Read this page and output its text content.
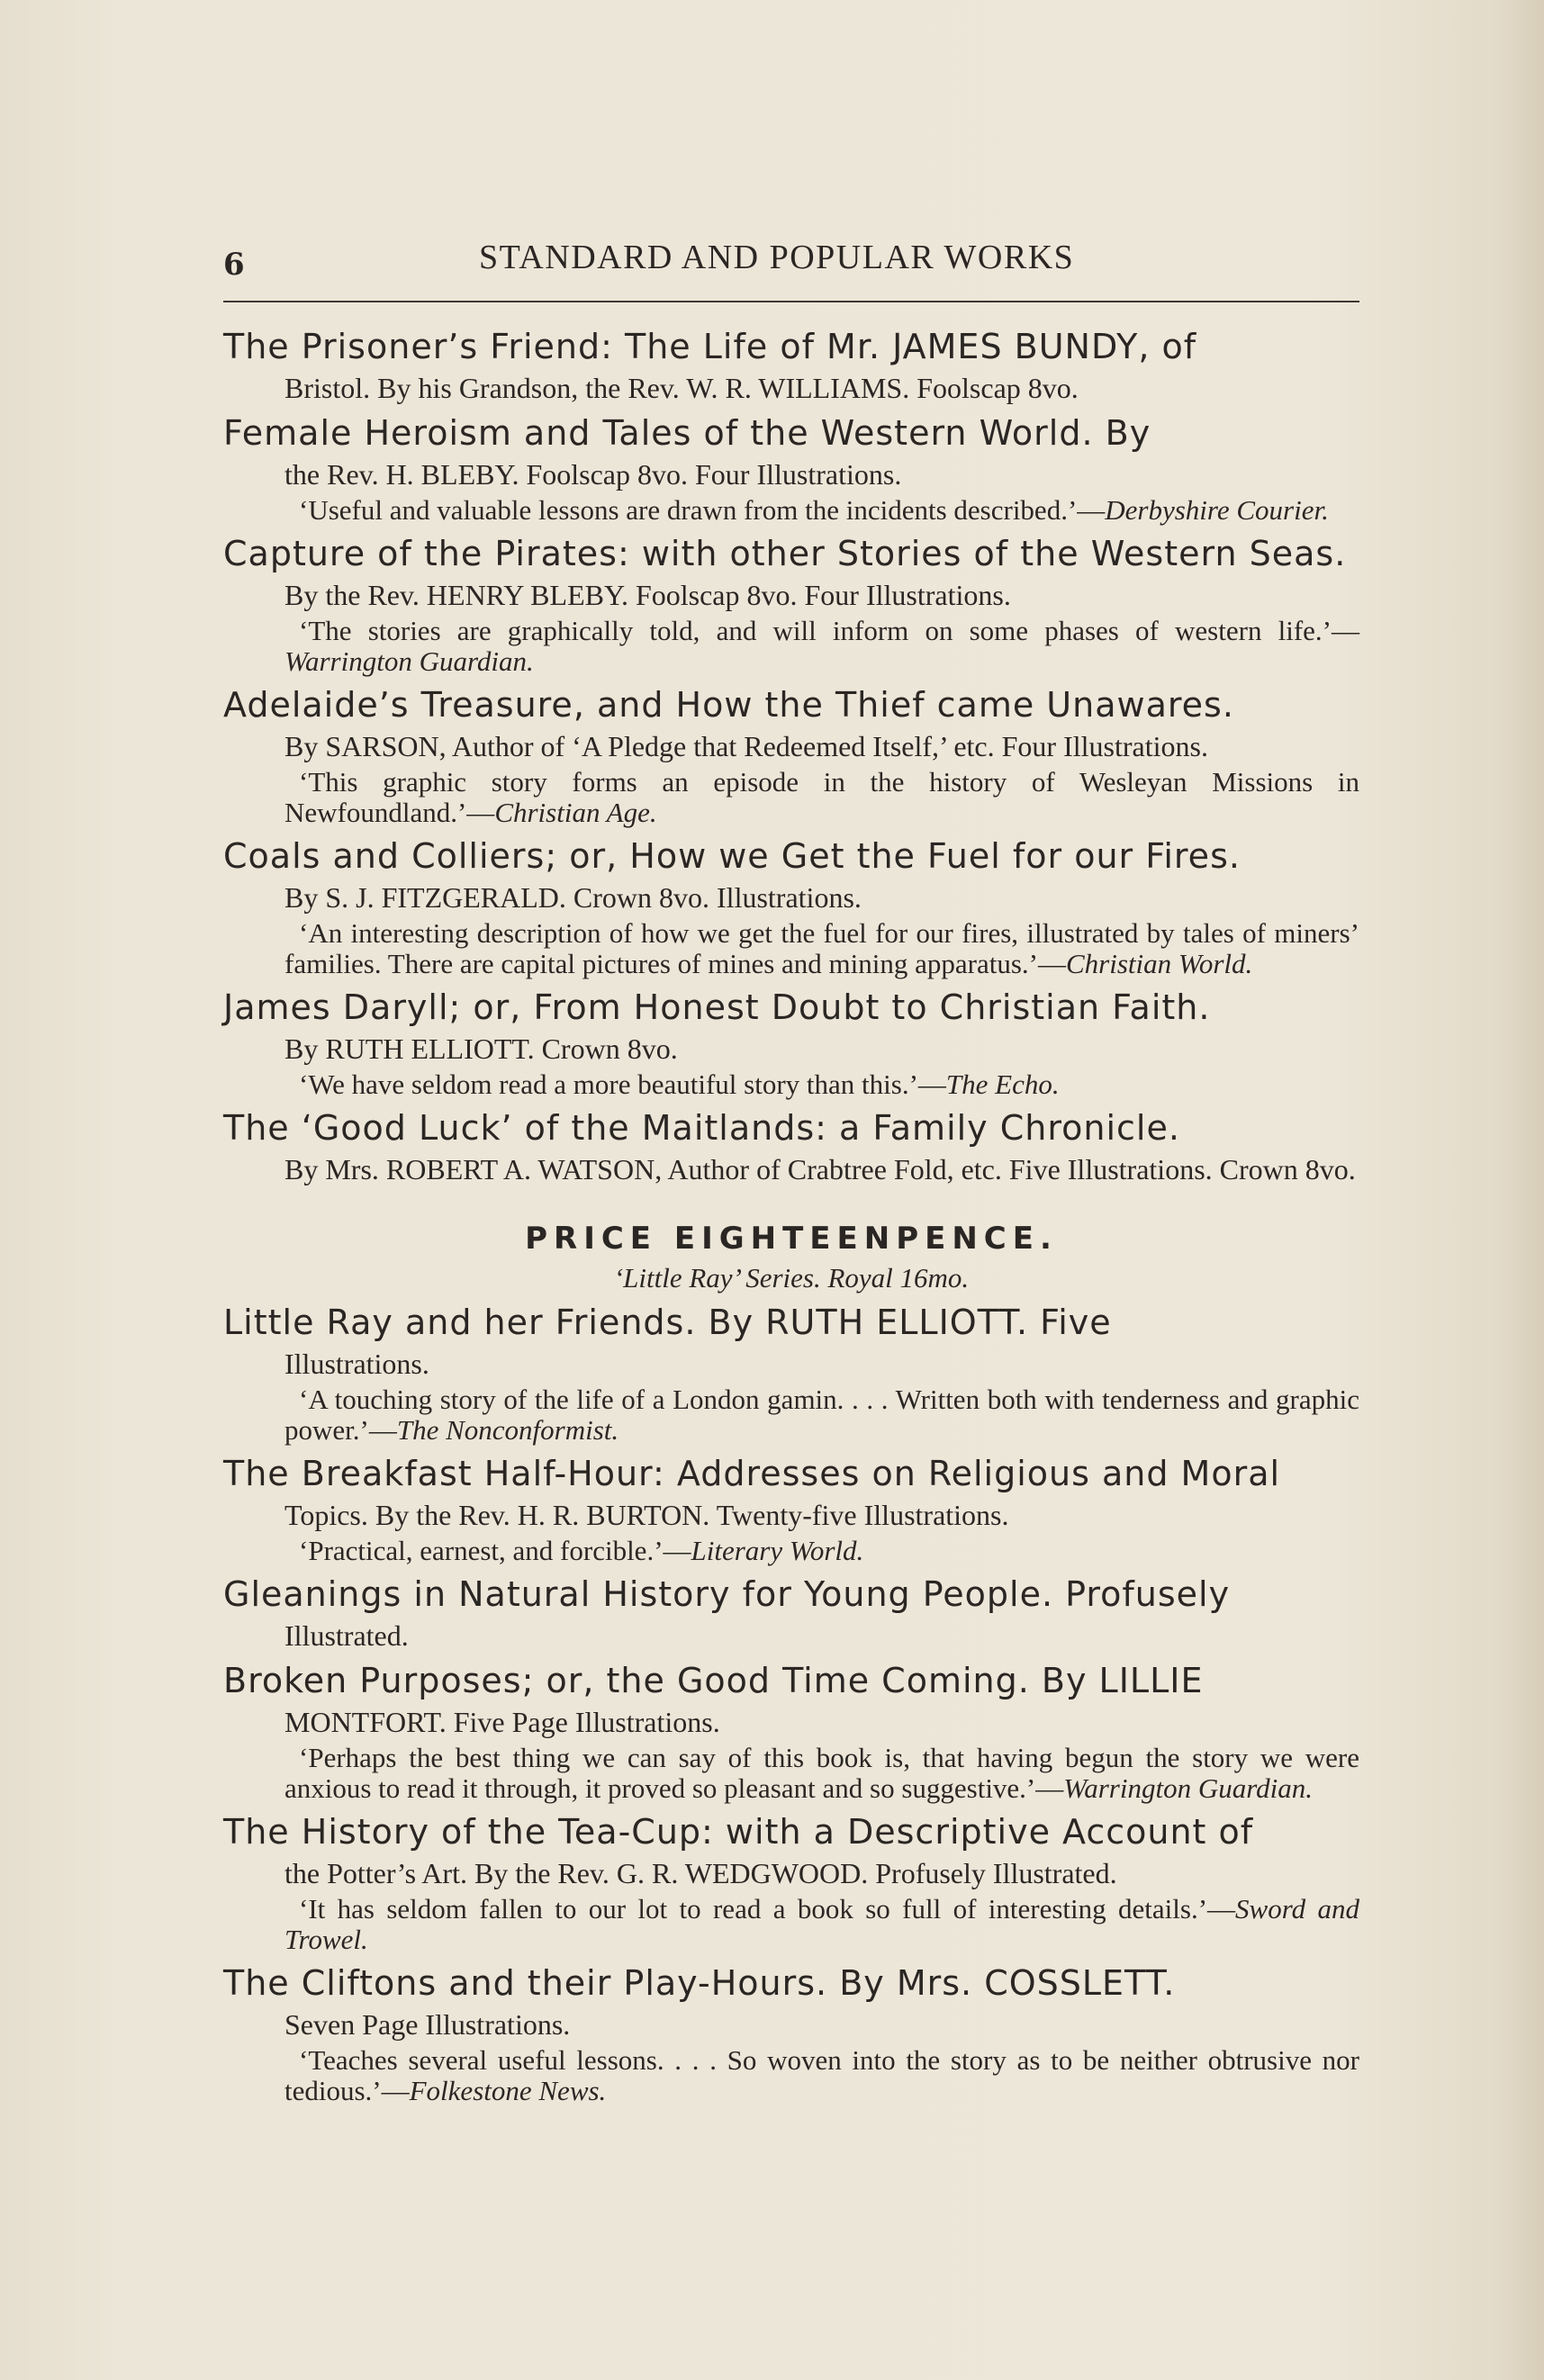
6	STANDARD AND POPULAR WORKS

The Prisoner’s Friend: The Life of Mr. JAMES BUNDY, of

Bristol. By his Grandson, the Rev. W. R. WILLIAMS. Foolscap 8vo.

Female Heroism and Tales of the Western World. By

the Rev. H. BLEBY. Foolscap 8vo. Four Illustrations.

‘Useful and valuable lessons are drawn from the incidents described.’—Derbyshire Courier.

Capture of the Pirates: with other Stories of the Western Seas.

By the Rev. HENRY BLEBY. Foolscap 8vo. Four Illustrations.

‘The stories are graphically told, and will inform on some phases of western life.’—Warrington Guardian.

Adelaide’s Treasure, and How the Thief came Unawares.

By SARSON, Author of ‘A Pledge that Redeemed Itself,’ etc. Four Illustrations.

‘This graphic story forms an episode in the history of Wesleyan Missions in Newfoundland.’—Christian Age.

Coals and Colliers; or, How we Get the Fuel for our Fires.

By S. J. FITZGERALD. Crown 8vo. Illustrations.

‘An interesting description of how we get the fuel for our fires, illustrated by tales of miners’ families. There are capital pictures of mines and mining apparatus.’—Christian World.

James Daryll; or, From Honest Doubt to Christian Faith.

By RUTH ELLIOTT. Crown 8vo.

‘We have seldom read a more beautiful story than this.’—The Echo.

The ‘Good Luck’ of the Maitlands: a Family Chronicle.

By Mrs. ROBERT A. WATSON, Author of Crabtree Fold, etc. Five Illustrations. Crown 8vo.

PRICE EIGHTEENPENCE.
‘Little Ray’ Series. Royal 16mo.

Little Ray and her Friends. By RUTH ELLIOTT. Five

Illustrations.

‘A touching story of the life of a London gamin. . . . Written both with tenderness and graphic power.’—The Nonconformist.

The Breakfast Half-Hour: Addresses on Religious and Moral

Topics. By the Rev. H. R. BURTON. Twenty-five Illustrations.

‘Practical, earnest, and forcible.’—Literary World.

Gleanings in Natural History for Young People. Profusely

Illustrated.

Broken Purposes; or, the Good Time Coming. By LILLIE

MONTFORT. Five Page Illustrations.

‘Perhaps the best thing we can say of this book is, that having begun the story we were anxious to read it through, it proved so pleasant and so suggestive.’—Warrington Guardian.

The History of the Tea-Cup: with a Descriptive Account of

the Potter’s Art. By the Rev. G. R. WEDGWOOD. Profusely Illustrated.

‘It has seldom fallen to our lot to read a book so full of interesting details.’—Sword and Trowel.

The Cliftons and their Play-Hours. By Mrs. COSSLETT.

Seven Page Illustrations.

‘Teaches several useful lessons. . . . So woven into the story as to be neither obtrusive nor tedious.’—Folkestone News.
